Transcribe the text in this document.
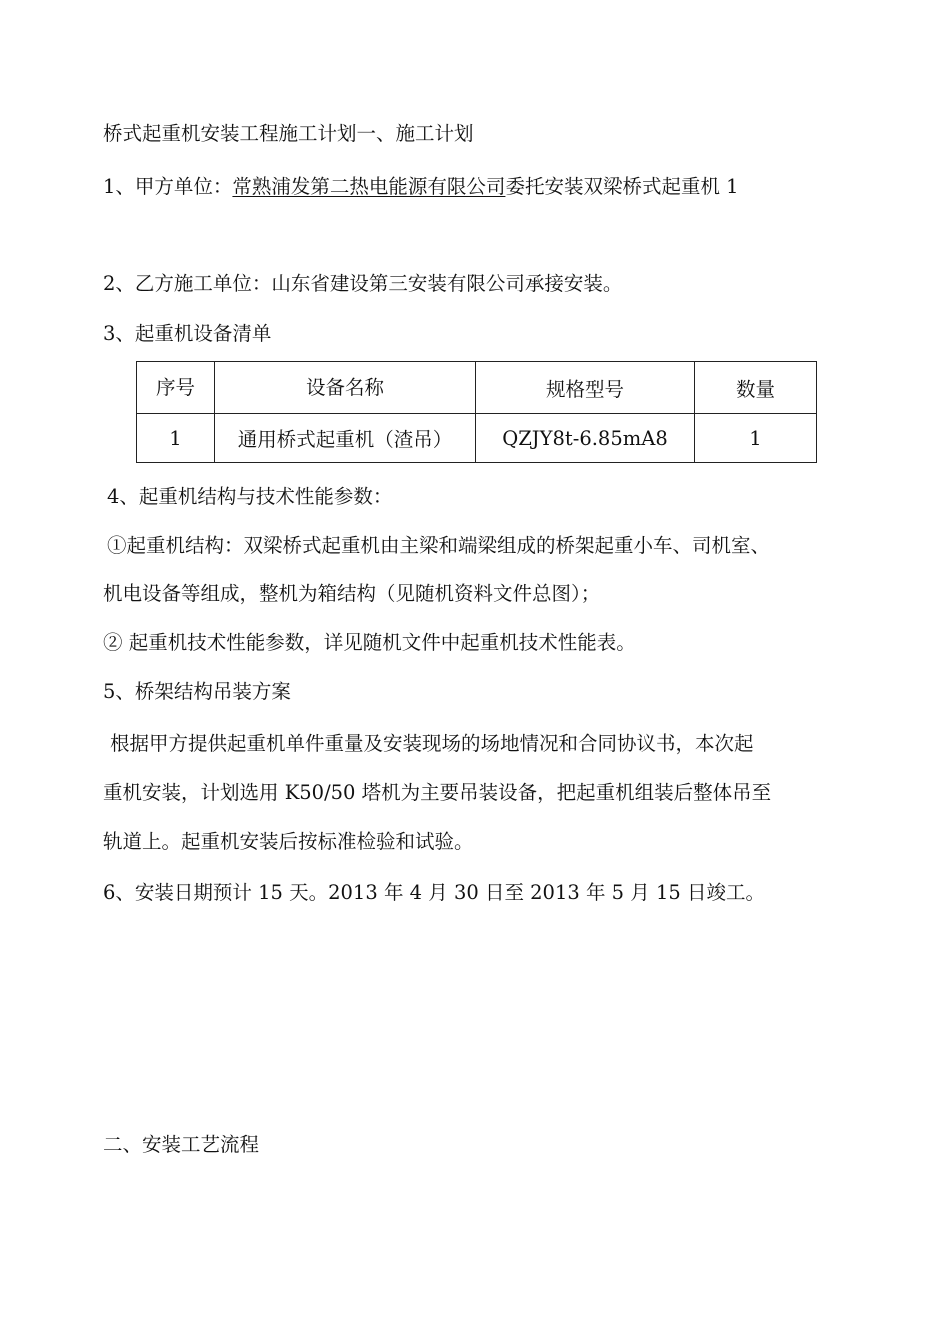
桥式起重机安装工程施工计划一、施工计划
1、甲方单位：常熟浦发第二热电能源有限公司委托安装双梁桥式起重机 1
2、乙方施工单位：山东省建设第三安装有限公司承接安装。
3、起重机设备清单
序号	设备名称	规格型号	数量
1	通用桥式起重机（渣吊）	QZJY8t-6.85mA8	1
4、起重机结构与技术性能参数：
①起重机结构：双梁桥式起重机由主梁和端梁组成的桥架起重小车、司机室、
机电设备等组成，整机为箱结构（见随机资料文件总图）；
② 起重机技术性能参数，详见随机文件中起重机技术性能表。
5、桥架结构吊装方案
根据甲方提供起重机单件重量及安装现场的场地情况和合同协议书，本次起
重机安装，计划选用 K50/50 塔机为主要吊装设备，把起重机组装后整体吊至
轨道上。起重机安装后按标准检验和试验。
6、安装日期预计 15 天。2013 年 4 月 30 日至 2013 年 5 月 15 日竣工。
二、安装工艺流程
